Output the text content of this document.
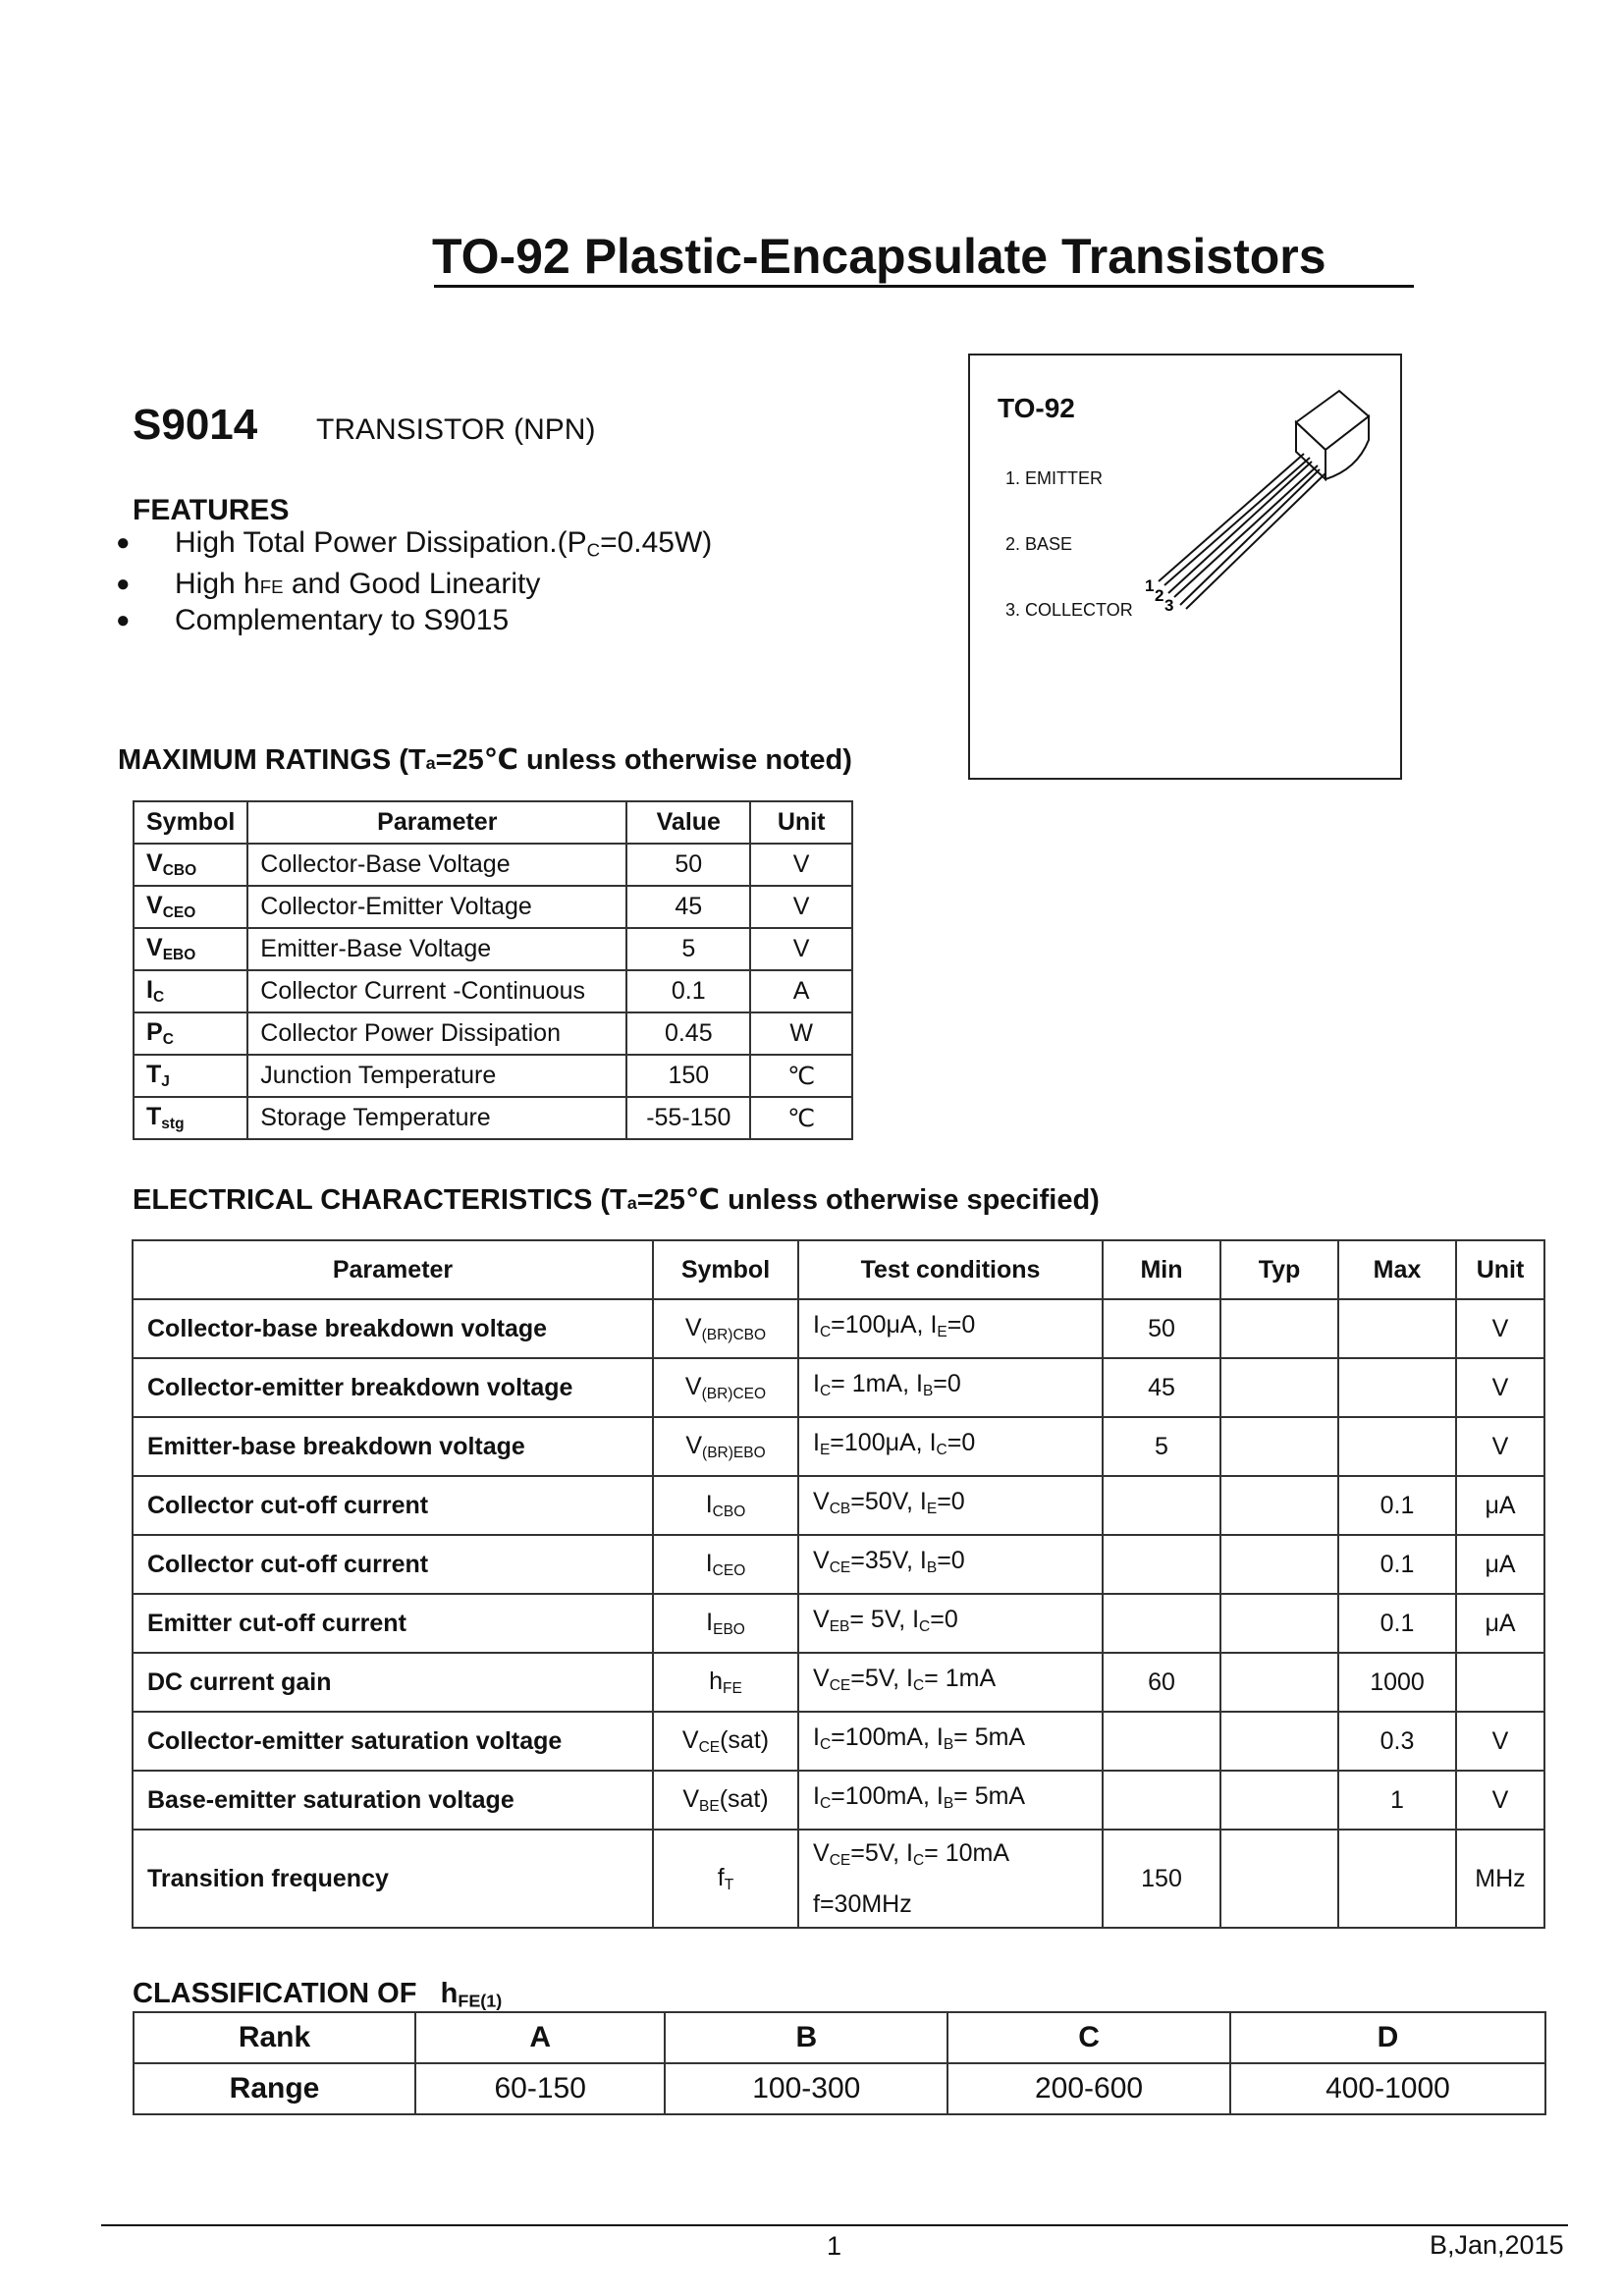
TO-92 Plastic-Encapsulate Transistors
S9014 TRANSISTOR (NPN)
FEATURES
● High Total Power $Dissipation.(P_C=0.45W)$
● High hFE and Good Linearity
● Complementary to S9015
TO-92
1. EMITTER
2. BASE
3. COLLECTOR
1
2
3
MAXIMUM RATINGS (Ta=25℃ unless otherwise noted)
Symbol	Parameter	Value	Unit
$V_{CBO}$	Collector-Base Voltage	50	V
$V_{CEO}$	Collector-Emitter Voltage	45	V
$V_{EBO}$	Emitter-Base Voltage	5	V
$I_C$	Collector Current -Continuous	0.1	A
$P_C$	Collector Power Dissipation	0.45	W
$T_J$	Junction Temperature	150	℃
$T_{stg}$	Storage Temperature	-55-150	℃
ELECTRICAL CHARACTERISTICS (Ta=25℃ unless otherwise specified)
Parameter	Symbol	Test conditions	Min	Typ	Max	Unit
Collector-base breakdown voltage	$V_{(BR)CBO}$	$I_C=100\mu A$, $I_E=0$	50			V
Collector-emitter breakdown voltage	$V_{(BR)CEO}$	$I_C= 1mA$, $I_B=0$	45			V
Emitter-base breakdown voltage	$V_{(BR)EBO}$	$I_E=100\mu A$, $I_C=0$	5			V
Collector cut-off current	$I_{CBO}$	$V_{CB}=50V$, $I_E=0$			0.1	μA
Collector cut-off current	$I_{CEO}$	$V_{CE}=35V$, $I_B=0$			0.1	μA
Emitter cut-off current	$I_{EBO}$	$V_{EB}= 5V$, $I_C=0$			0.1	μA
DC current gain	$h_{FE}$	$V_{CE}=5V$, $I_C= 1mA$	60		1000	
Collector-emitter saturation voltage	$V_{CE}(sat)$	$I_C=100mA$, $I_B= 5mA$			0.3	V
Base-emitter saturation voltage	$V_{BE}(sat)$	$I_C=100mA$, $I_B= 5mA$			1	V
Transition frequency	$f_T$	$V_{CE}=5V$, $I_C= 10mA$
f=30MHz	150			MHz
CLASSIFICATION OF $h_{FE(1)}$
Rank	A	B	C	D
Range	60-150	100-300	200-600	400-1000
1	B,Jan,2015
